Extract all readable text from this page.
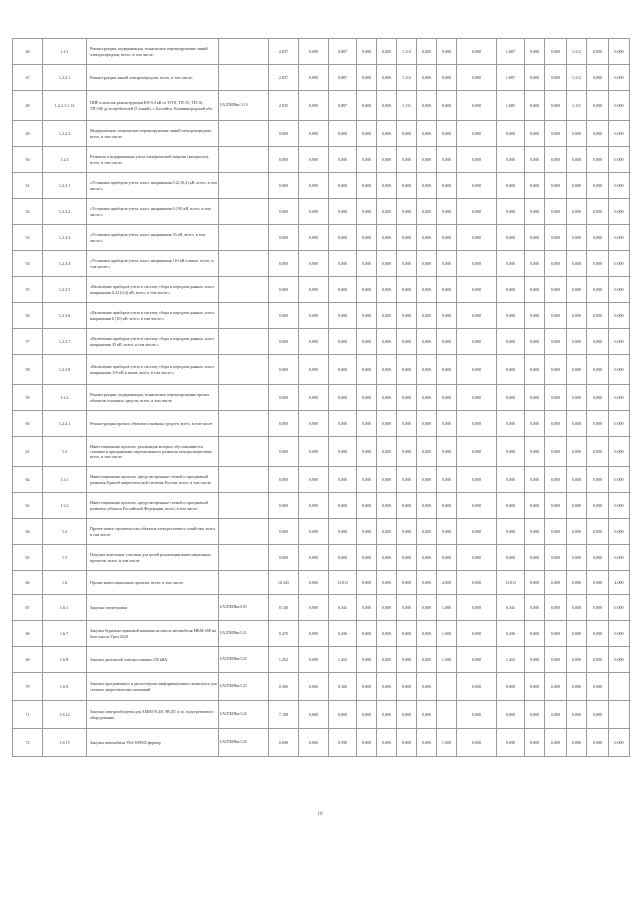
46	1.2.1	Реконструкция, модернизация, техническое перевооружение линий электропередачи, всего, в том числе:		2,837	0,000	0,887	0,000	0,000	1,112	0,000	0,000	0,000	1,687	0,000	0,000	1,112	0,000	0,000
47	1.2.2.1	Реконструкция линий электропередачи, всего, в том числе:		2,837	0,000	0,887	0,000	0,000	1,112	0,000	0,000	0,000	1,687	0,000	0,000	1,112	0,000	0,000
48	1.2.2.1.1.13	ПИР и монтаж реконструкции ВЛ-0,4 кВ от ТП-8, ТП-25, ТП-16, ТП-166 до потребителей (5 линий), г. Балтийск, Калининградской обл.	I/АСПМ/Янт. 5.10	2,835	0,000	0,887	0,000	0,000	1,111	0,000	0,000	0,000	1,685	0,000	0,000	1,111	0,000	0,000
49	1.2.2.2	Модернизация, техническое перевооружение линий электропередачи, всего, в том числе:		0,000	0,000	0,000	0,000	0,000	0,000	0,000	0,000	0,000	0,000	0,000	0,000	0,000	0,000	0,000
50	1.2.3	Развитие и модернизация учета электрической энергии (мощности), всего, в том числе:		0,000	0,000	0,000	0,000	0,000	0,000	0,000	0,000	0,000	0,000	0,000	0,000	0,000	0,000	0,000
51	1.2.3.1	«Установка приборов учета, класс напряжения 0,22 (0,4) кВ, всего, в том числе:»		0,000	0,000	0,000	0,000	0,000	0,000	0,000	0,000	0,000	0,000	0,000	0,000	0,000	0,000	0,000
52	1.2.3.2	«Установка приборов учета, класс напряжения 6 (10) кВ, всего, в том числе:»		0,000	0,000	0,000	0,000	0,000	0,000	0,000	0,000	0,000	0,000	0,000	0,000	0,000	0,000	0,000
53	1.2.3.3	«Установка приборов учета, класс напряжения 35 кВ, всего, в том числе:»		0,000	0,000	0,000	0,000	0,000	0,000	0,000	0,000	0,000	0,000	0,000	0,000	0,000	0,000	0,000
54	1.2.3.4	«Установка приборов учета, класс напряжения 110 кВ и выше, всего, в том числе:»		0,000	0,000	0,000	0,000	0,000	0,000	0,000	0,000	0,000	0,000	0,000	0,000	0,000	0,000	0,000
55	1.2.3.5	«Включение приборов учета в систему сбора и передачи данных, класс напряжения 0,22 (0,4) кВ, всего, в том числе:»		0,000	0,000	0,000	0,000	0,000	0,000	0,000	0,000	0,000	0,000	0,000	0,000	0,000	0,000	0,000
56	1.2.3.6	«Включение приборов учета в систему сбора и передачи данных, класс напряжения 6 (10) кВ, всего, в том числе:»		0,000	0,000	0,000	0,000	0,000	0,000	0,000	0,000	0,000	0,000	0,000	0,000	0,000	0,000	0,000
57	1.2.3.7	«Включение приборов учета в систему сбора и передачи данных, класс напряжения 35 кВ, всего, в том числе:»		0,000	0,000	0,000	0,000	0,000	0,000	0,000	0,000	0,000	0,000	0,000	0,000	0,000	0,000	0,000
58	1.2.3.8	«Включение приборов учета в систему сбора и передачи данных, класс напряжения 110 кВ и выше, всего, в том числе:»		0,000	0,000	0,000	0,000	0,000	0,000	0,000	0,000	0,000	0,000	0,000	0,000	0,000	0,000	0,000
59	1.2.4	Реконструкция, модернизация, техническое перевооружение прочих объектов основных средств, всего, в том числе:		0,000	0,000	0,000	0,000	0,000	0,000	0,000	0,000	0,000	0,000	0,000	0,000	0,000	0,000	0,000
60	1.2.4.1	Реконструкция прочих объектов основных средств, всего, в том числе:		0,000	0,000	0,000	0,000	0,000	0,000	0,000	0,000	0,000	0,000	0,000	0,000	0,000	0,000	0,000
61	1.3	Инвестиционные проекты, реализация которых обуславливается схемами и программами перспективного развития электроэнергетики, всего, в том числе:		0,000	0,000	0,000	0,000	0,000	0,000	0,000	0,000	0,000	0,000	0,000	0,000	0,000	0,000	0,000
62	1.3.1	Инвестиционные проекты, предусмотренные схемой и программой развития Единой энергетической системы России, всего, в том числе:		0,000	0,000	0,000	0,000	0,000	0,000	0,000	0,000	0,000	0,000	0,000	0,000	0,000	0,000	0,000
63	1.3.2	Инвестиционные проекты, предусмотренные схемой и программой развития субъекта Российской Федерации, всего, в том числе:		0,000	0,000	0,000	0,000	0,000	0,000	0,000	0,000	0,000	0,000	0,000	0,000	0,000	0,000	0,000
64	1.4	Прочее новое строительство объектов электросетевого хозяйства, всего, в том числе:		0,000	0,000	0,000	0,000	0,000	0,000	0,000	0,000	0,000	0,000	0,000	0,000	0,000	0,000	0,000
65	1.5	Покупка земельных участков для целей реализации инвестиционных проектов, всего, в том числе:		0,000	0,000	0,000	0,000	0,000	0,000	0,000	0,000	0,000	0,000	0,000	0,000	0,000	0,000	0,000
66	1.6	Прочие инвестиционные проекты, всего, в том числе:		16,345	0,000	13,811	0,000	0,000	0,000	0,000	4,000	0,000	13,811	0,000	0,000	0,000	0,000	4,000
67	1.6.1.	Закупка спецтехники	I/АСПМ/Янт.0.83	0,140	0,000	0,341	0,000	0,000	0,000	0,000	1,000	0,000	0,341	0,000	0,000	0,000	0,000	0,000
68	1.6.7.	Закупка бурильно-крановой машины на шасси автомобиля МКМ-200 на базе шасси Урал 4320	I/АСПМ/Янт.5.21	0,470	0,000	0,436	0,000	0,000	0,000	0,000	1,000	0,000	0,436	0,000	0,000	0,000	0,000	0,000
69	1.6.8.	Закупка дизельной электростанции 250 кВА	I/АСПМ/Янт.5.22	1,452	0,000	1,452	0,000	0,000	0,000	0,000	1,000	0,000	1,452	0,000	0,000	0,000	0,000	0,000
70	1.6.9.	Закупка программного и диспетчерско-информационного комплекса для сетевых энергетических компаний	I/АСПМ/Янт.5.23	0,306	0,000	0,306	0,000	0,000	0,000	0,000		0,000	0,000	0,000	0,000	0,000	0,000	
71	1.6.12	Закупка электрообогрева для АМВЛ-0,4/6 ЭВ ДТ и эл. подогреваемого оборудования	I/АСПМ/Янт.5.26	7,108	0,000	0,000	0,000	0,000	0,000	0,000		0,000	0,000	0,000	0,000	0,000	0,000	
72	1.6.15	Закупка автомобиля УАЗ-390945 фермер	I/АСПМ/Янт.5.28	0,690	0,000	0,590	0,000	0,000	0,000	0,000	1,000	0,000	0,690	0,000	0,000	0,000	0,000	0,000
10
